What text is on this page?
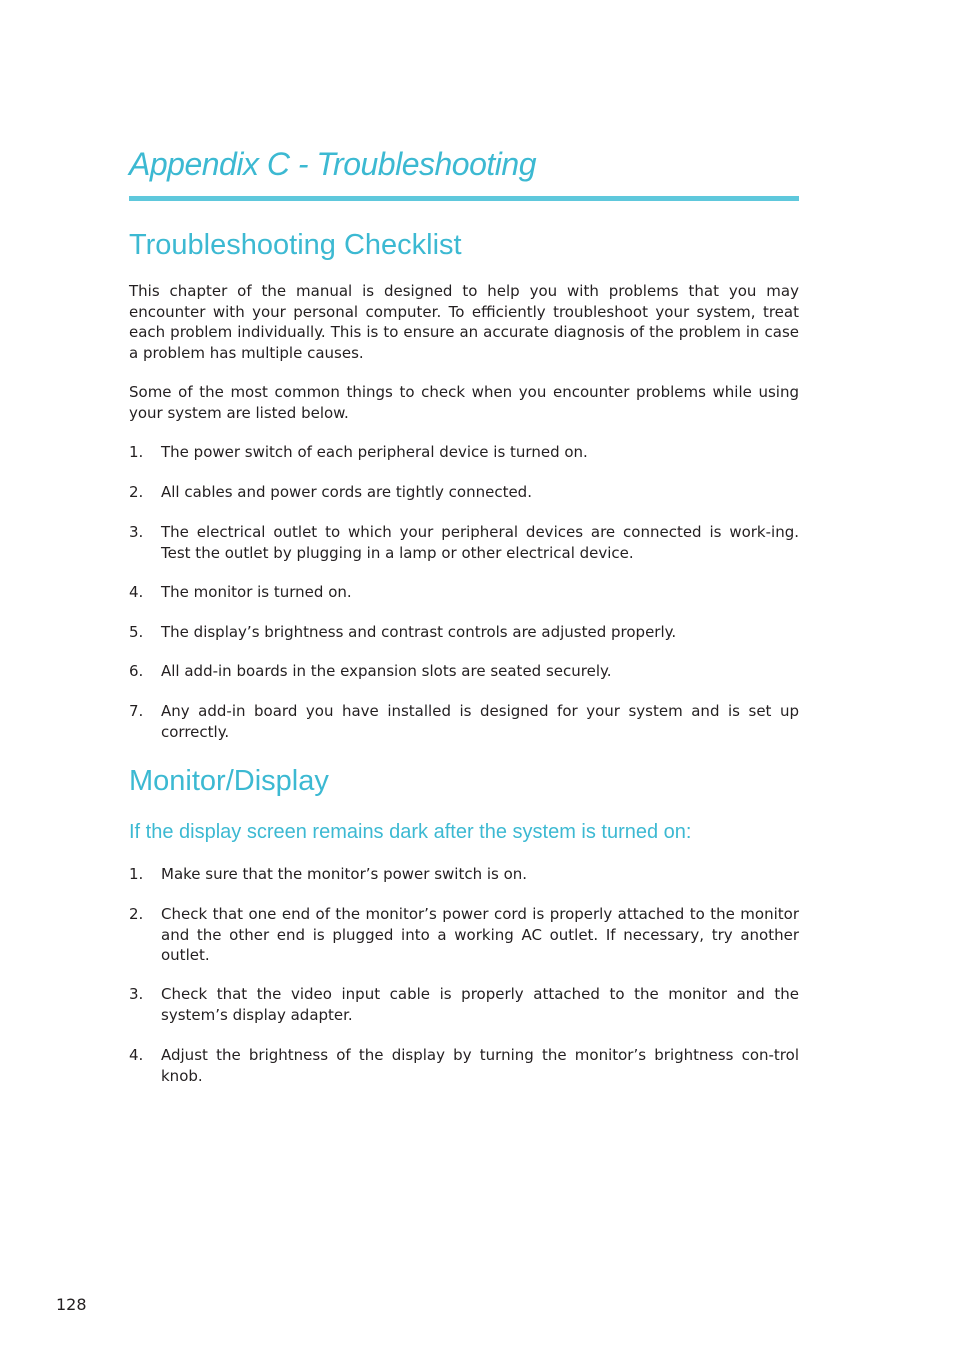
Appendix C - Troubleshooting
Troubleshooting Checklist

This chapter of the manual is designed to help you with problems that you may encounter with your personal computer. To efficiently troubleshoot your system, treat each problem individually. This is to ensure an accurate diagnosis of the problem in case a problem has multiple causes.

Some of the most common things to check when you encounter problems while using your system are listed below.

1.	The power switch of each peripheral device is turned on.
2.	All cables and power cords are tightly connected.
3.	The electrical outlet to which your peripheral devices are connected is work-ing. Test the outlet by plugging in a lamp or other electrical device.
4.	The monitor is turned on.
5.	The display’s brightness and contrast controls are adjusted properly.
6.	All add-in boards in the expansion slots are seated securely.
7.	Any add-in board you have installed is designed for your system and is set up correctly.
Monitor/Display
If the display screen remains dark after the system is turned on:
1.	Make sure that the monitor’s power switch is on.
2.	Check that one end of the monitor’s power cord is properly attached to the monitor and the other end is plugged into a working AC outlet. If necessary, try another outlet.
3.	Check that the video input cable is properly attached to the monitor and the system’s display adapter.
4.	Adjust the brightness of the display by turning the monitor’s brightness con-trol knob.
128
